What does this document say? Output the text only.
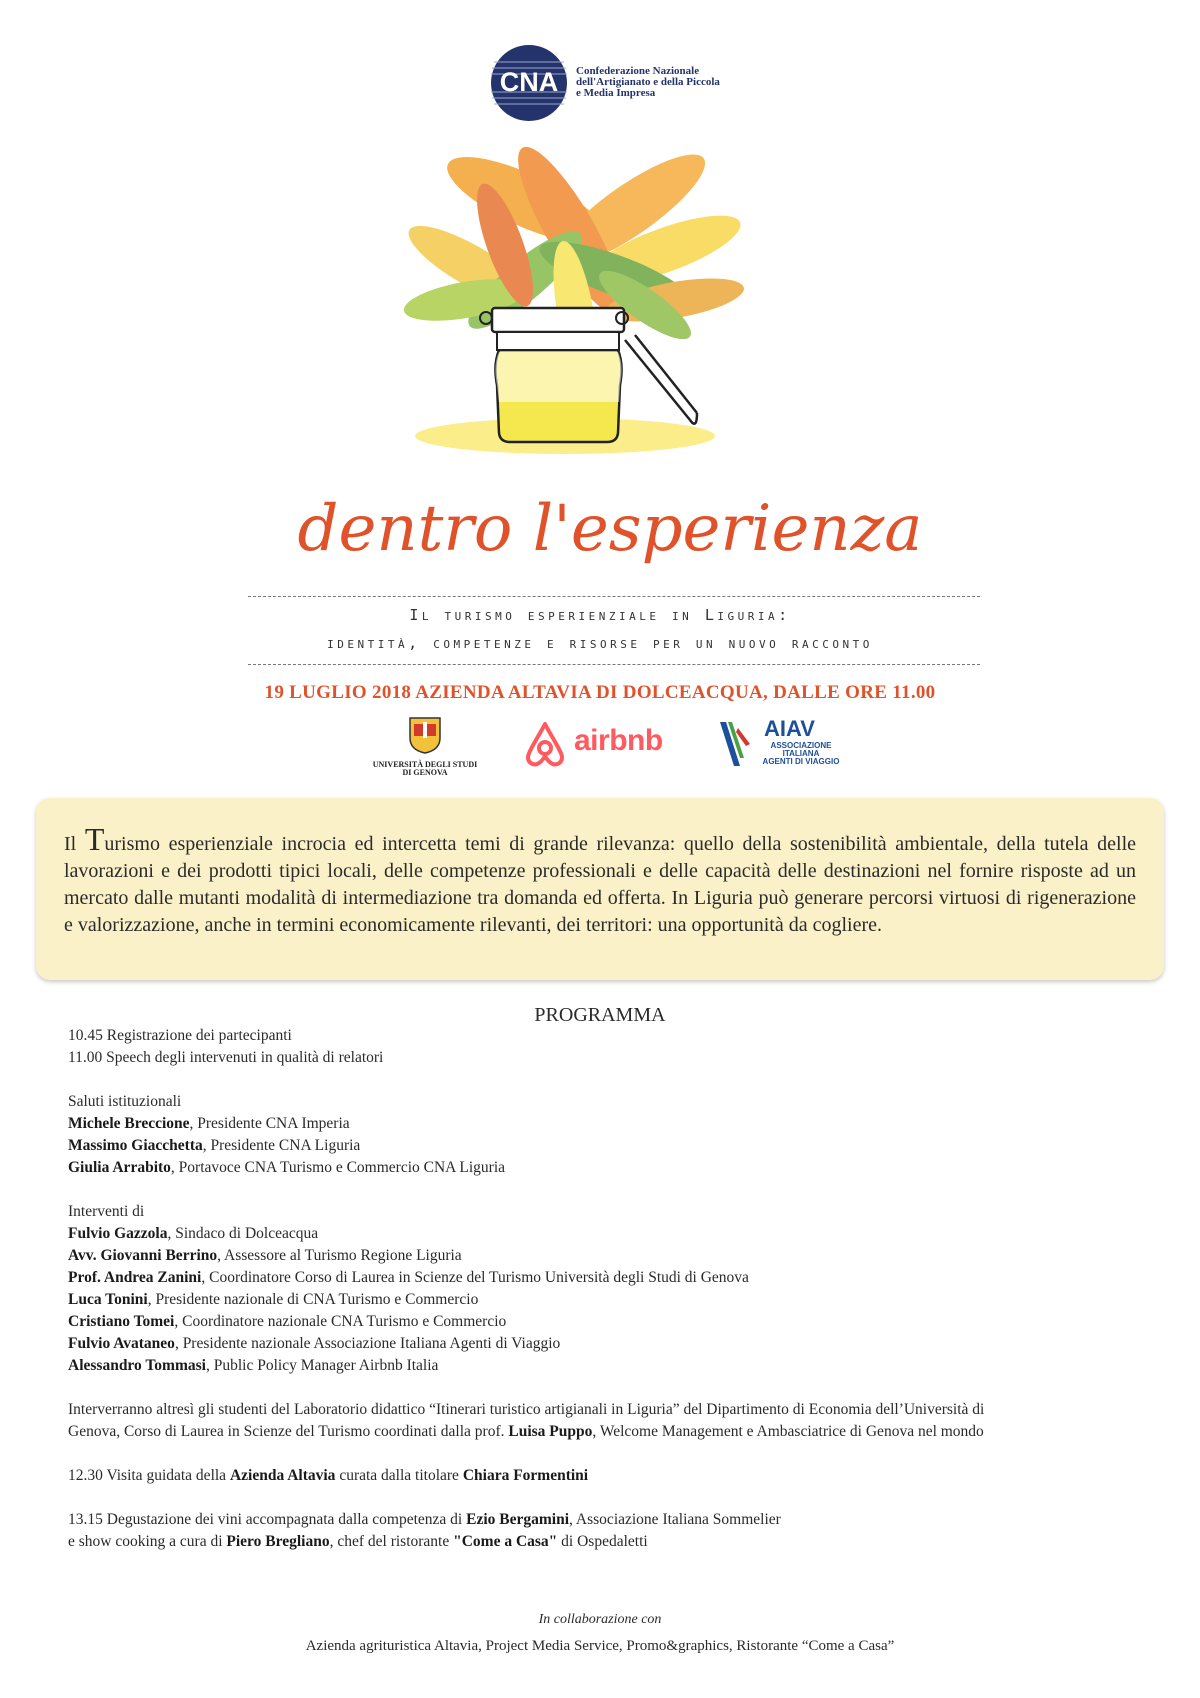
CNA Confederazione Nazionale
dell'Artigianato e della Piccola
e Media Impresa
dentro l'esperienza
Il turismo esperienziale in Liguria:
identità, competenze e risorse per un nuovo racconto
19 LUGLIO 2018 AZIENDA ALTAVIA DI DOLCEACQUA, DALLE ORE 11.00
UNIVERSITÀ DEGLI STUDI
DI GENOVA
airbnb	AIAV
ASSOCIAZIONE
ITALIANA
AGENTI DI VIAGGIO
Il Turismo esperienziale incrocia ed intercetta temi di grande rilevanza: quello della sostenibilità ambientale, della tutela delle lavorazioni e dei prodotti tipici locali, delle competenze professionali e delle capacità delle destinazioni nel fornire risposte ad un mercato dalle mutanti modalità di intermediazione tra domanda ed offerta. In Liguria può generare percorsi virtuosi di rigenerazione e valorizzazione, anche in termini economicamente rilevanti, dei territori: una opportunità da cogliere.
PROGRAMMA
10.45 Registrazione dei partecipanti
11.00 Speech degli intervenuti in qualità di relatori
Saluti istituzionali
Michele Breccione, Presidente CNA Imperia
Massimo Giacchetta, Presidente CNA Liguria
Giulia Arrabito, Portavoce CNA Turismo e Commercio CNA Liguria
Interventi di
Fulvio Gazzola, Sindaco di Dolceacqua
Avv. Giovanni Berrino, Assessore al Turismo Regione Liguria
Prof. Andrea Zanini, Coordinatore Corso di Laurea in Scienze del Turismo Università degli Studi di Genova
Luca Tonini, Presidente nazionale di CNA Turismo e Commercio
Cristiano Tomei, Coordinatore nazionale CNA Turismo e Commercio
Fulvio Avataneo, Presidente nazionale Associazione Italiana Agenti di Viaggio
Alessandro Tommasi, Public Policy Manager Airbnb Italia
Interverranno altresì gli studenti del Laboratorio didattico “Itinerari turistico artigianali in Liguria” del Dipartimento di Economia dell’Università di
Genova, Corso di Laurea in Scienze del Turismo coordinati dalla prof. Luisa Puppo, Welcome Management e Ambasciatrice di Genova nel mondo
12.30 Visita guidata della Azienda Altavia curata dalla titolare Chiara Formentini
13.15 Degustazione dei vini accompagnata dalla competenza di Ezio Bergamini, Associazione Italiana Sommelier
e show cooking a cura di Piero Bregliano, chef del ristorante "Come a Casa" di Ospedaletti
In collaborazione con
Azienda agrituristica Altavia, Project Media Service, Promo&graphics, Ristorante “Come a Casa”
